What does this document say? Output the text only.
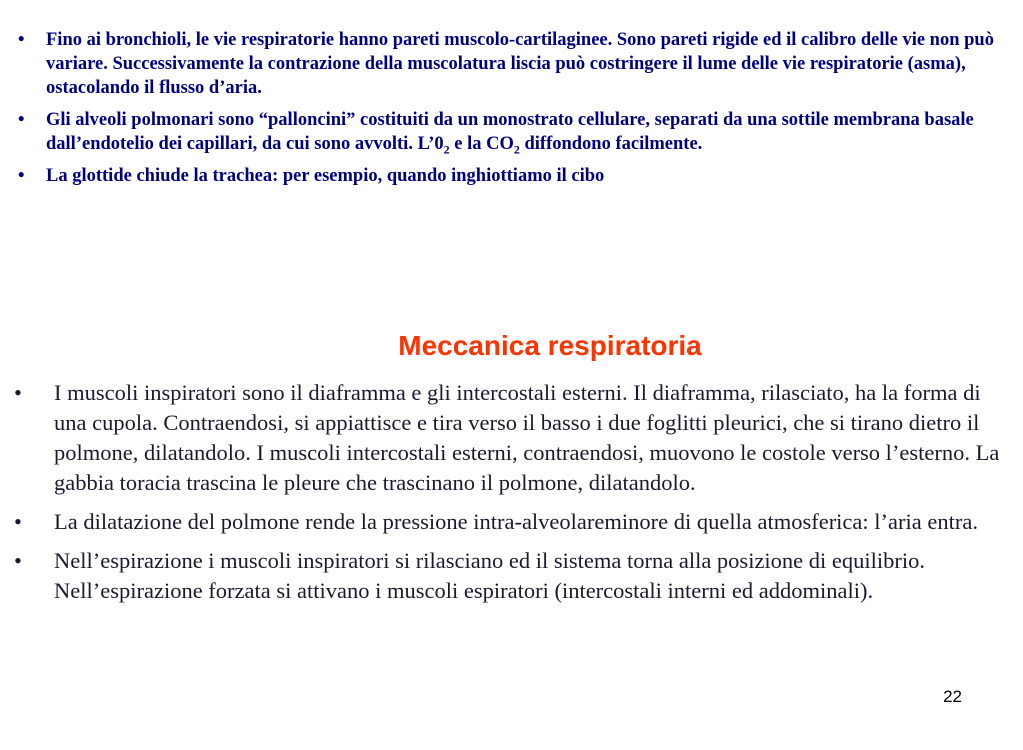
• Fino ai bronchioli, le vie respiratorie hanno pareti muscolo-cartilaginee. Sono pareti rigide ed il calibro delle vie non può variare. Successivamente la contrazione della muscolatura liscia può costringere il lume delle vie respiratorie (asma), ostacolando il flusso d’aria.
• Gli alveoli polmonari sono “palloncini” costituiti da un monostrato cellulare, separati da una sottile membrana basale dall’endotelio dei capillari, da cui sono avvolti. $L’0_2$ e la $CO_2$ diffondono facilmente.
• La glottide chiude la trachea: per esempio, quando inghiottiamo il cibo
Meccanica respiratoria
• I muscoli inspiratori sono il diaframma e gli intercostali esterni. Il diaframma, rilasciato, ha la forma di una cupola. Contraendosi, si appiattisce e tira verso il basso i due foglitti pleurici, che si tirano dietro il polmone, dilatandolo. I muscoli intercostali esterni, contraendosi, muovono le costole verso l’esterno. La gabbia toracia trascina le pleure che trascinano il polmone, dilatandolo.
• La dilatazione del polmone rende la pressione intra-alveolareminore di quella atmosferica: l’aria entra.
• Nell’espirazione i muscoli inspiratori si rilasciano ed il sistema torna alla posizione di equilibrio. Nell’espirazione forzata si attivano i muscoli espiratori (intercostali interni ed addominali).
22
